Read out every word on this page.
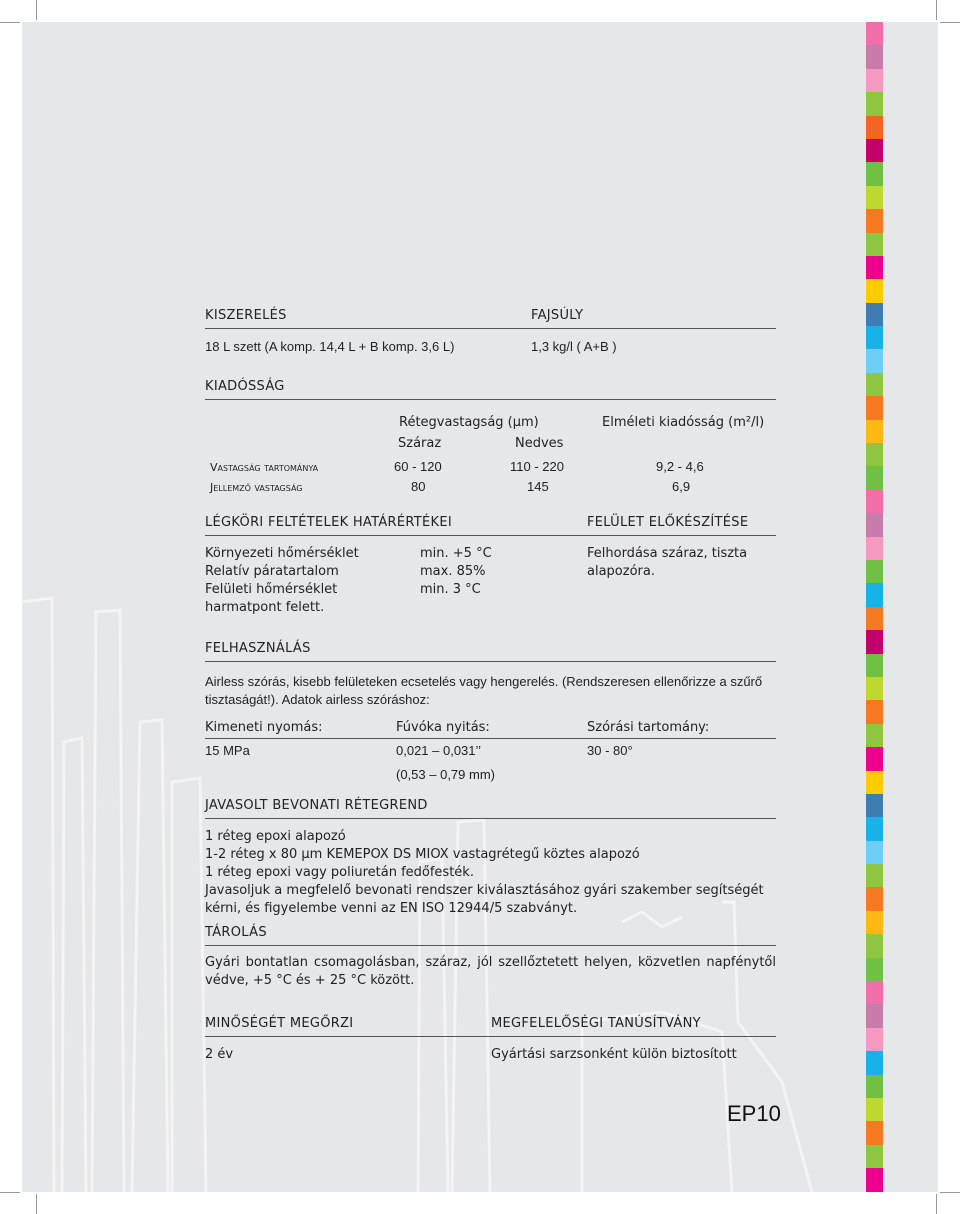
KISZERELÉS	FAJSÚLY
18 L szett (A komp. 14,4 L + B komp. 3,6 L)	1,3 kg/l ( A+B )
KIADÓSSÁG
Rétegvastagság (µm)	Elméleti kiadósság (m²/l)
Száraz	Nedves
Vastagság tartománya	60 - 120	110 - 220	9,2 - 4,6
Jellemző vastagság	80	145	6,9
LÉGKÖRI FELTÉTELEK HATÁRÉRTÉKEI	FELÜLET ELŐKÉSZÍTÉSE
Környezeti hőmérséklet	min. +5 °C
Relatív páratartalom	max. 85%
Felületi hőmérséklet	min. 3 °C
harmatpont felett.
Felhordása száraz, tiszta
alapozóra.
FELHASZNÁLÁS
Airless szórás, kisebb felületeken ecsetelés vagy hengerelés. (Rendszeresen ellenőrizze a szűrő
tisztaságát!). Adatok airless szóráshoz:
Kimeneti nyomás:	Fúvóka nyitás:	Szórási tartomány:
15 MPa	0,021 – 0,031’’	30 - 80°
(0,53 – 0,79 mm)
JAVASOLT BEVONATI RÉTEGREND
1 réteg epoxi alapozó
1-2 réteg x 80 µm KEMEPOX DS MIOX vastagrétegű köztes alapozó
1 réteg epoxi vagy poliuretán fedőfesték.
Javasoljuk a megfelelő bevonati rendszer kiválasztásához gyári szakember segítségét
kérni, és figyelembe venni az EN ISO 12944/5 szabványt.
TÁROLÁS
Gyári bontatlan csomagolásban, száraz, jól szellőztetett helyen, közvetlen napfénytől
védve, +5 °C és + 25 °C között.
MINŐSÉGÉT MEGŐRZI	MEGFELELŐSÉGI TANÚSÍTVÁNY
2 év	Gyártási sarzsonként külön biztosított
EP10
